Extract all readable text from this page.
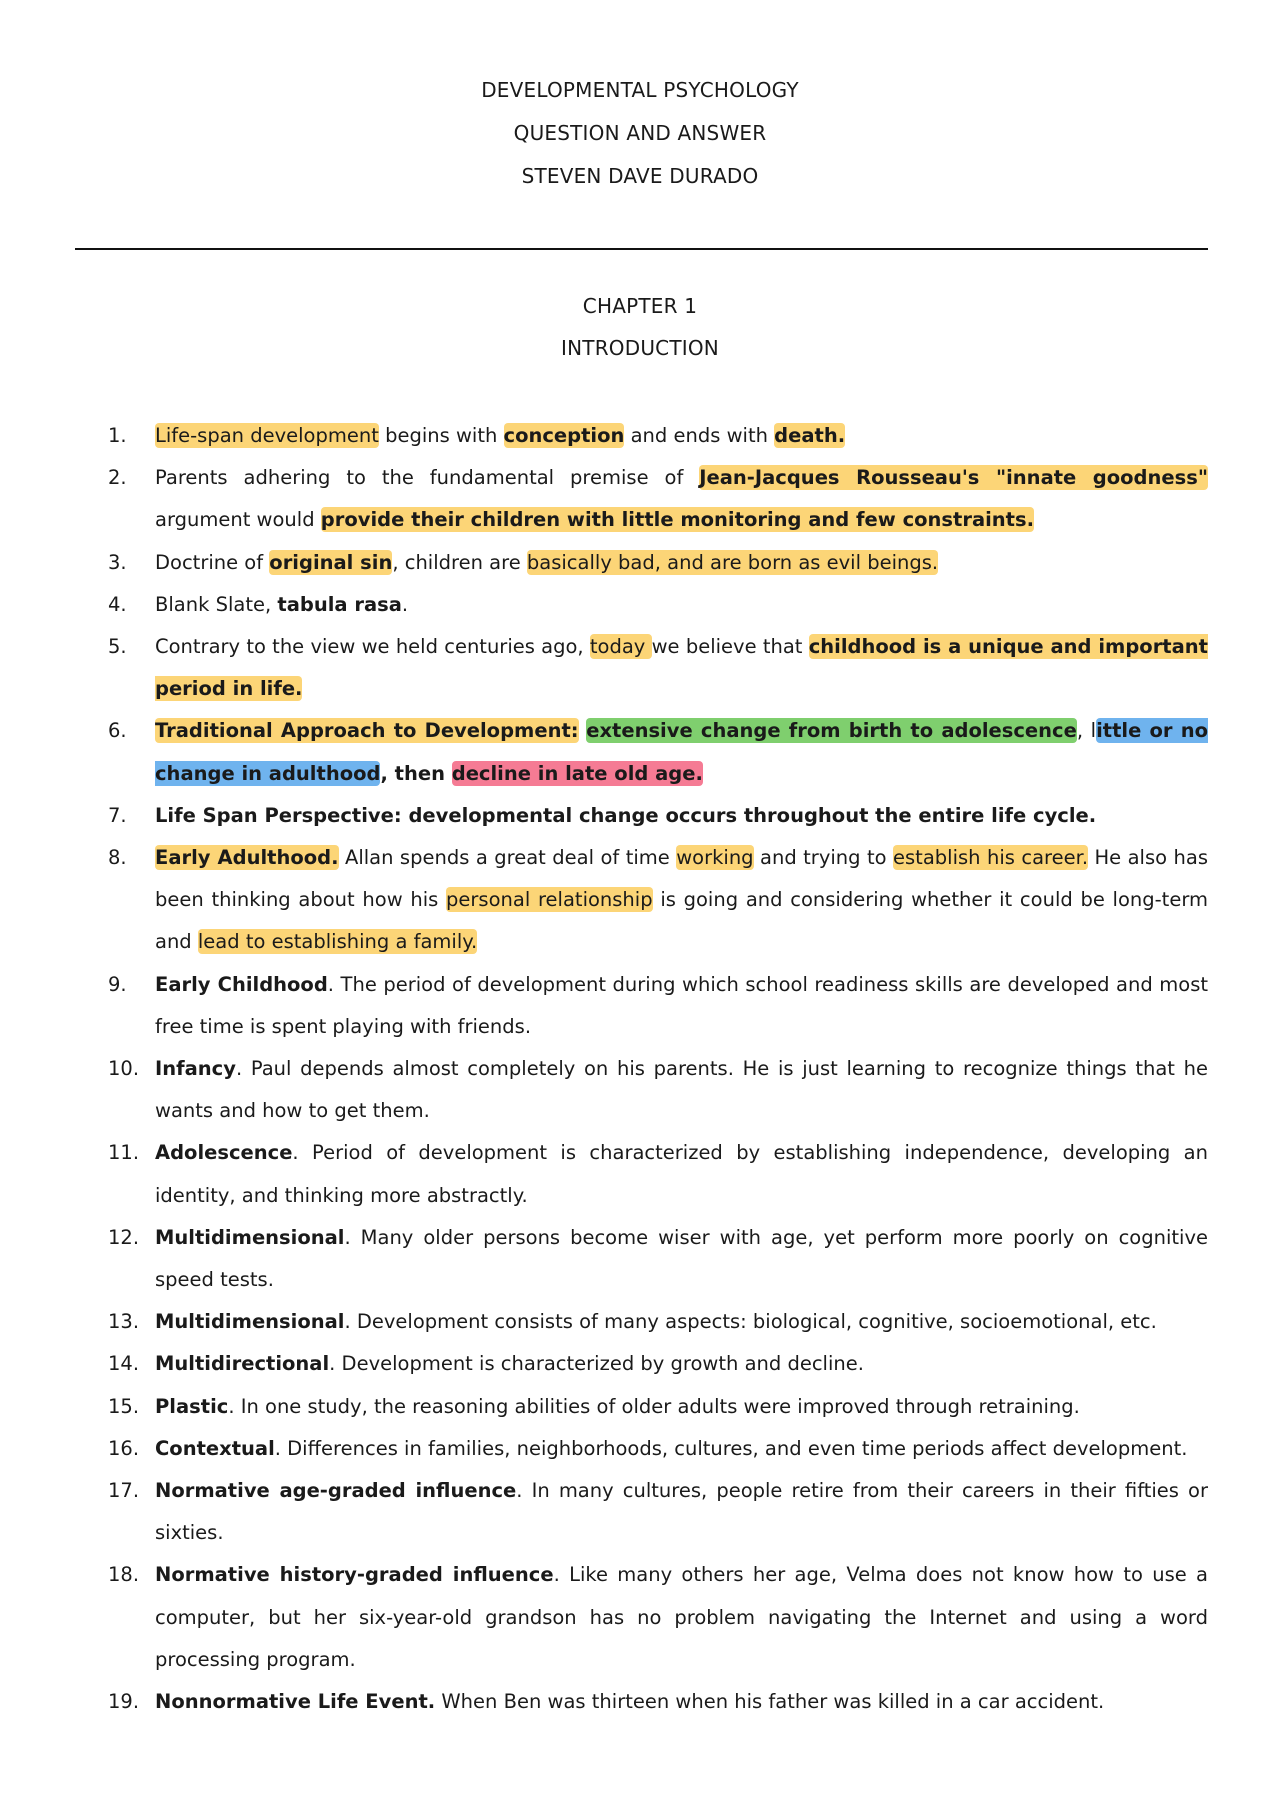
DEVELOPMENTAL PSYCHOLOGY
QUESTION AND ANSWER
STEVEN DAVE DURADO
CHAPTER 1
INTRODUCTION
1.	Life-span development begins with conception and ends with death.
2.	Parents adhering to the fundamental premise of Jean-Jacques Rousseau's "innate goodness" argument would provide their children with little monitoring and few constraints.
3.	Doctrine of original sin, children are basically bad, and are born as evil beings.
4.	Blank Slate, tabula rasa.
5.	Contrary to the view we held centuries ago, today we believe that childhood is a unique and important period in life.
6.	Traditional Approach to Development: extensive change from birth to adolescence, little or no change in adulthood, then decline in late old age.
7.	Life Span Perspective: developmental change occurs throughout the entire life cycle.
8.	Early Adulthood. Allan spends a great deal of time working and trying to establish his career. He also has been thinking about how his personal relationship is going and considering whether it could be long-term and lead to establishing a family.
9.	Early Childhood. The period of development during which school readiness skills are developed and most free time is spent playing with friends.
10. Infancy. Paul depends almost completely on his parents. He is just learning to recognize things that he wants and how to get them.
11. Adolescence. Period of development is characterized by establishing independence, developing an identity, and thinking more abstractly.
12. Multidimensional. Many older persons become wiser with age, yet perform more poorly on cognitive speed tests.
13. Multidimensional. Development consists of many aspects: biological, cognitive, socioemotional, etc.
14. Multidirectional. Development is characterized by growth and decline.
15. Plastic. In one study, the reasoning abilities of older adults were improved through retraining.
16. Contextual. Differences in families, neighborhoods, cultures, and even time periods affect development.
17. Normative age-graded influence. In many cultures, people retire from their careers in their fifties or sixties.
18. Normative history-graded influence. Like many others her age, Velma does not know how to use a computer, but her six-year-old grandson has no problem navigating the Internet and using a word processing program.
19. Nonnormative Life Event. When Ben was thirteen when his father was killed in a car accident.
